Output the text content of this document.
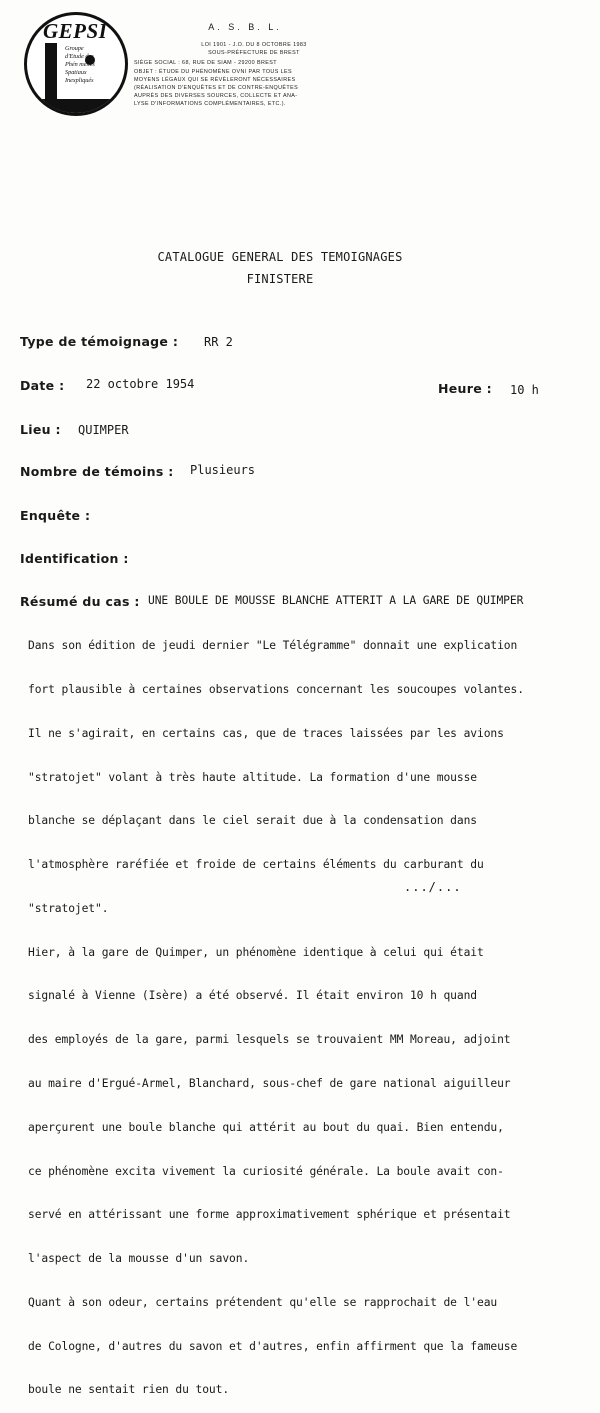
GEPSI
Groupe
d'Etude des
Phén mènes
Spatiaux
Inexpliqués
A. S. B. L.
LOI 1901 - J.O. DU 8 OCTOBRE 1983
SOUS-PRÉFECTURE DE BREST
SIÈGE SOCIAL : 68, RUE DE SIAM - 29200 BREST
OBJET : ÉTUDE DU PHÉNOMÈNE OVNI PAR TOUS LES
MOYENS LÉGAUX QUI SE RÉVÈLERONT NÉCESSAIRES
(RÉALISATION D'ENQUÊTES ET DE CONTRE-ENQUÊTES
AUPRÈS DES DIVERSES SOURCES, COLLECTE ET ANA-
LYSE D'INFORMATIONS COMPLÉMENTAIRES, ETC.).
CATALOGUE GENERAL DES TEMOIGNAGES
FINISTERE
Type de témoignage : RR 2
Date : 22 octobre 1954	Heure : 10 h
Lieu : QUIMPER
Nombre de témoins : Plusieurs
Enquête :
Identification :
Résumé du cas : UNE BOULE DE MOUSSE BLANCHE ATTERIT A LA GARE DE QUIMPER

Dans son édition de jeudi dernier "Le Télégramme" donnait une explication

fort plausible à certaines observations concernant les soucoupes volantes.

Il ne s'agirait, en certains cas, que de traces laissées par les avions

"stratojet" volant à très haute altitude. La formation d'une mousse

blanche se déplaçant dans le ciel serait due à la condensation dans

l'atmosphère raréfiée et froide de certains éléments du carburant du

"stratojet".

Hier, à la gare de Quimper, un phénomène identique à celui qui était

signalé à Vienne (Isère) a été observé. Il était environ 10 h quand

des employés de la gare, parmi lesquels se trouvaient MM Moreau, adjoint

au maire d'Ergué-Armel, Blanchard, sous-chef de gare national aiguilleur

aperçurent une boule blanche qui attérit au bout du quai. Bien entendu,

ce phénomène excita vivement la curiosité générale. La boule avait con-

servé en attérissant une forme approximativement sphérique et présentait

l'aspect de la mousse d'un savon.

Quant à son odeur, certains prétendent qu'elle se rapprochait de l'eau

de Cologne, d'autres du savon et d'autres, enfin affirment que la fameuse

boule ne sentait rien du tout.

.../...
